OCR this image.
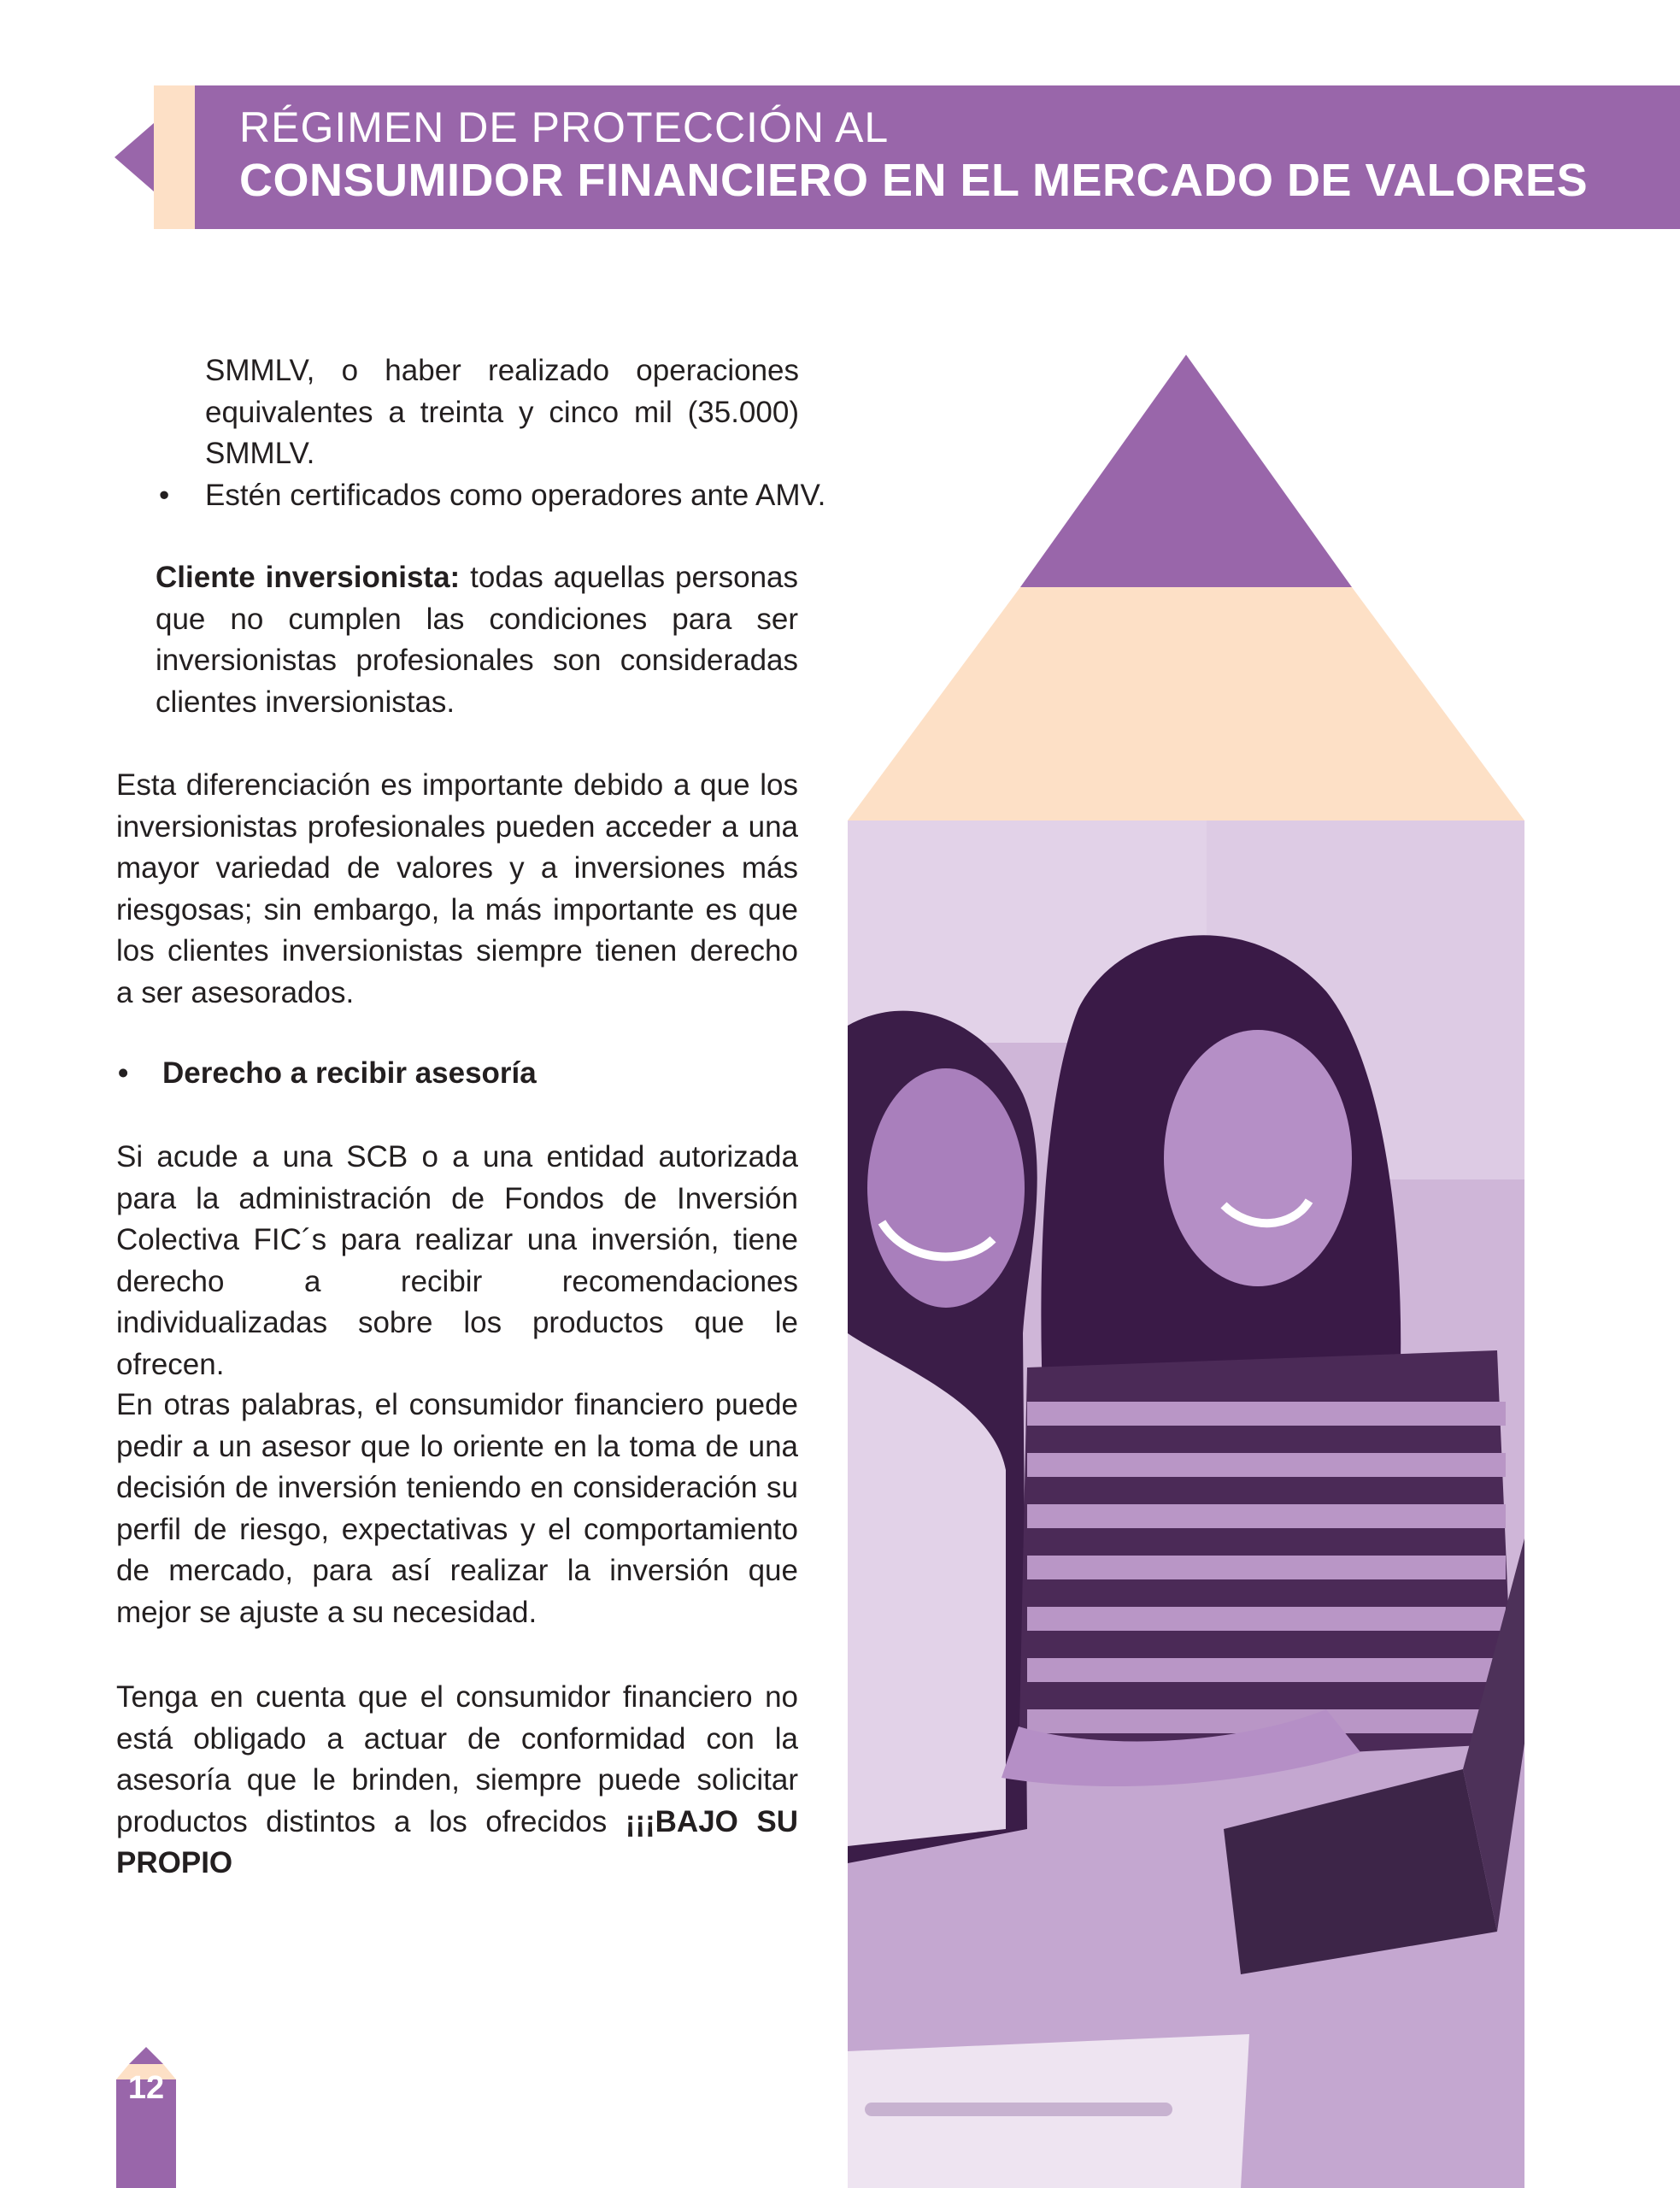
RÉGIMEN DE PROTECCIÓN AL
CONSUMIDOR FINANCIERO EN EL MERCADO DE VALORES

SMMLV, o haber realizado operaciones equivalentes a treinta y cinco mil (35.000) SMMLV.

• Estén certificados como operadores ante AMV.

Cliente inversionista: todas aquellas personas que no cumplen las condiciones para ser inversionistas profesionales son consideradas clientes inversionistas.

Esta diferenciación es importante debido a que los inversionistas profesionales pueden acceder a una mayor variedad de valores y a inversiones más riesgosas; sin embargo, la más importante es que los clientes inversionistas siempre tienen derecho a ser asesorados.

• Derecho a recibir asesoría

Si acude a una SCB o a una entidad autorizada para la administración de Fondos de Inversión Colectiva FIC´s para realizar una inversión, tiene derecho a recibir recomendaciones individualizadas sobre los productos que le ofrecen.

En otras palabras, el consumidor financiero puede pedir a un asesor que lo oriente en la toma de una decisión de inversión teniendo en consideración su perfil de riesgo, expectativas y el comportamiento de mercado, para así realizar la inversión que mejor se ajuste a su necesidad.

Tenga en cuenta que el consumidor financiero no está obligado a actuar de conformidad con la asesoría que le brinden, siempre puede solicitar productos distintos a los ofrecidos ¡¡¡BAJO SU PROPIO

12
